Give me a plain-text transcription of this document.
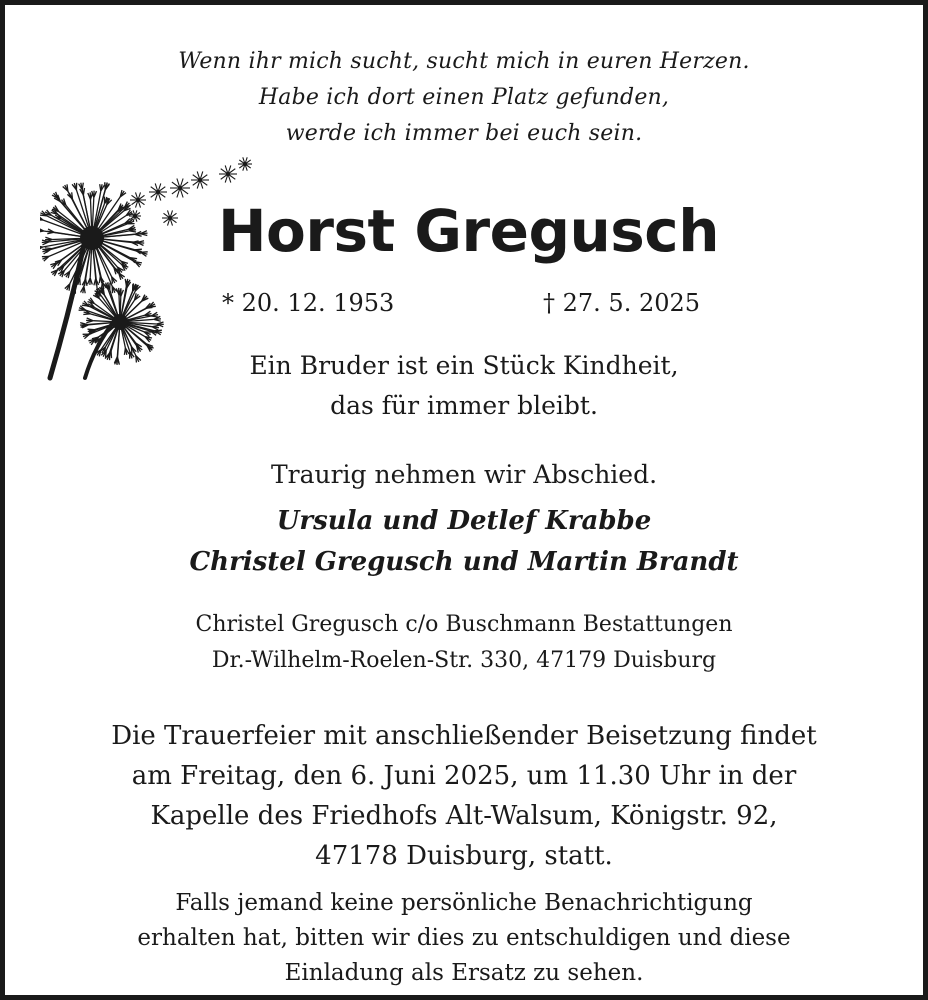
Wenn ihr mich sucht, sucht mich in euren Herzen.
Habe ich dort einen Platz gefunden,
werde ich immer bei euch sein.
Horst Gregusch
* 20. 12. 1953	† 27. 5. 2025
Ein Bruder ist ein Stück Kindheit,
das für immer bleibt.
Traurig nehmen wir Abschied.
Ursula und Detlef Krabbe
Christel Gregusch und Martin Brandt
Christel Gregusch c/o Buschmann Bestattungen
Dr.-Wilhelm-Roelen-Str. 330, 47179 Duisburg
Die Trauerfeier mit anschließender Beisetzung findet
am Freitag, den 6. Juni 2025, um 11.30 Uhr in der
Kapelle des Friedhofs Alt-Walsum, Königstr. 92,
47178 Duisburg, statt.
Falls jemand keine persönliche Benachrichtigung
erhalten hat, bitten wir dies zu entschuldigen und diese
Einladung als Ersatz zu sehen.
